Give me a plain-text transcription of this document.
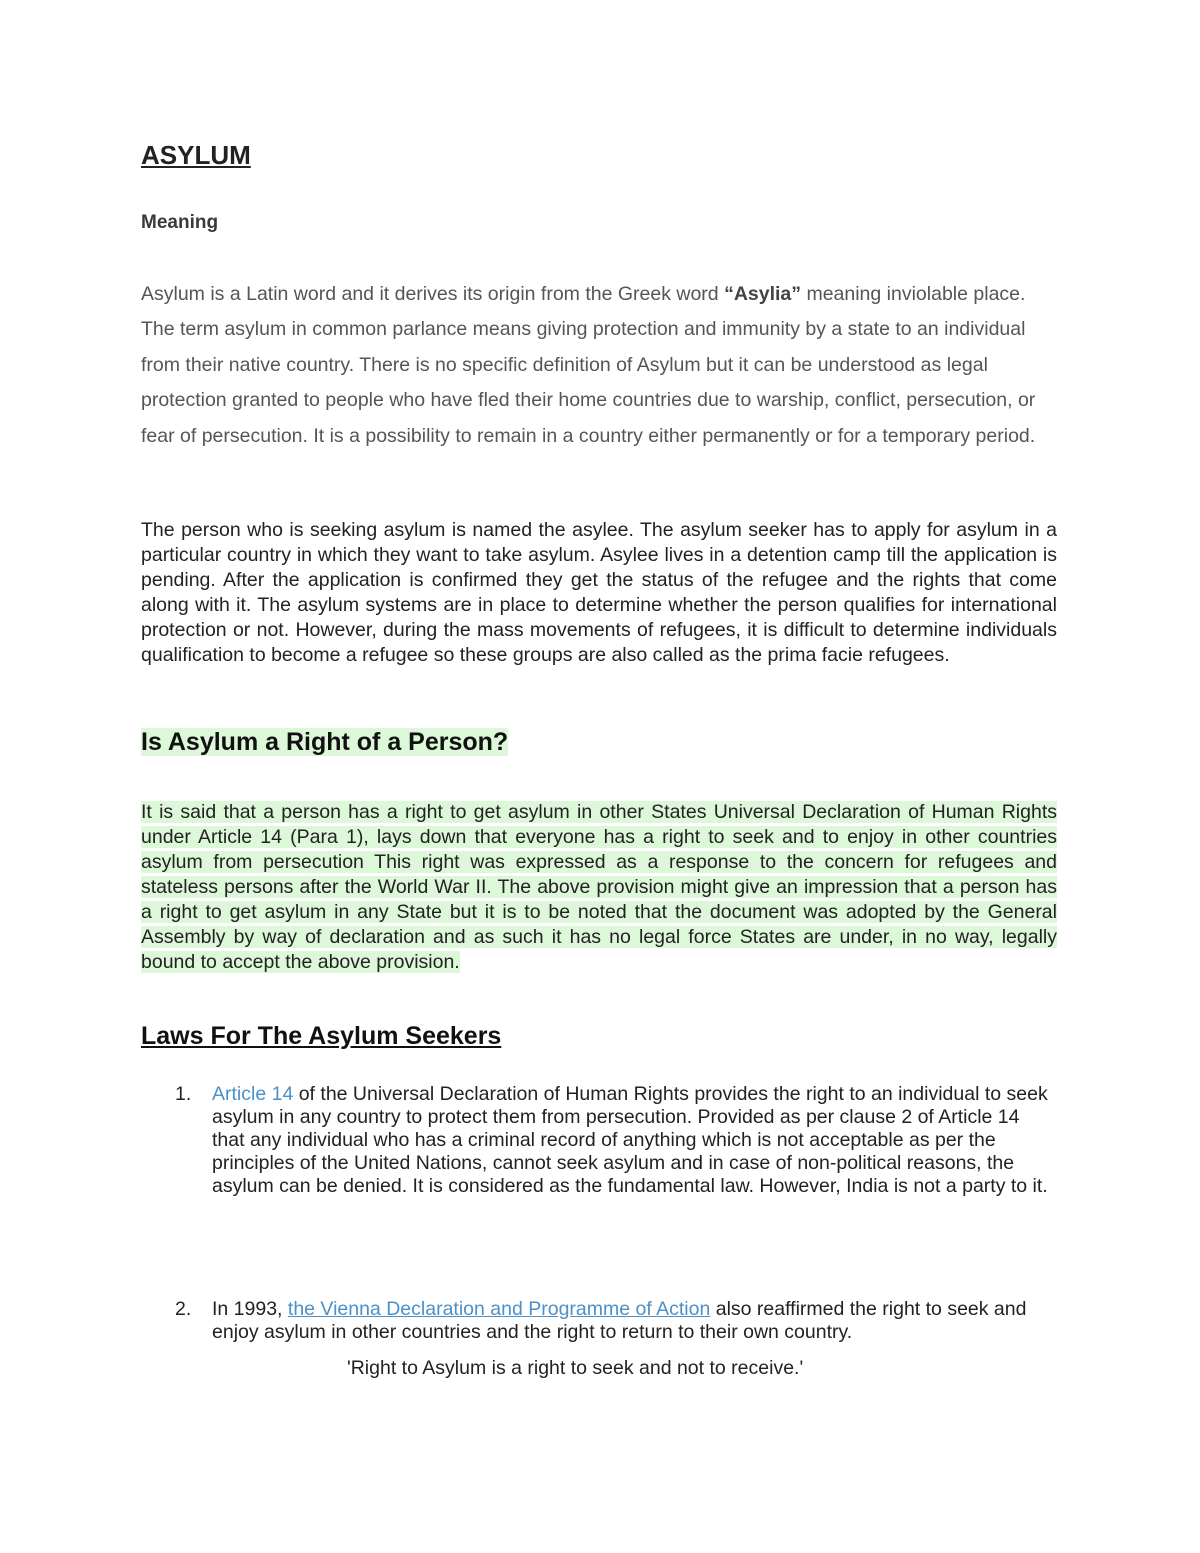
ASYLUM
Meaning

Asylum is a Latin word and it derives its origin from the Greek word “Asylia” meaning inviolable place. The term asylum in common parlance means giving protection and immunity by a state to an individual from their native country. There is no specific definition of Asylum but it can be understood as legal protection granted to people who have fled their home countries due to warship, conflict, persecution, or fear of persecution. It is a possibility to remain in a country either permanently or for a temporary period.

The person who is seeking asylum is named the asylee. The asylum seeker has to apply for asylum in a particular country in which they want to take asylum. Asylee lives in a detention camp till the application is pending. After the application is confirmed they get the status of the refugee and the rights that come along with it. The asylum systems are in place to determine whether the person qualifies for international protection or not. However, during the mass movements of refugees, it is difficult to determine individuals qualification to become a refugee so these groups are also called as the prima facie refugees.

Is Asylum a Right of a Person?

It is said that a person has a right to get asylum in other States Universal Declaration of Human Rights under Article 14 (Para 1), lays down that everyone has a right to seek and to enjoy in other countries asylum from persecution This right was expressed as a response to the concern for refugees and stateless persons after the World War II. The above provision might give an impression that a person has a right to get asylum in any State but it is to be noted that the document was adopted by the General Assembly by way of declaration and as such it has no legal force States are under, in no way, legally bound to accept the above provision.

Laws For The Asylum Seekers
1. Article 14 of the Universal Declaration of Human Rights provides the right to an individual to seek asylum in any country to protect them from persecution. Provided as per clause 2 of Article 14 that any individual who has a criminal record of anything which is not acceptable as per the principles of the United Nations, cannot seek asylum and in case of non-political reasons, the asylum can be denied. It is considered as the fundamental law. However, India is not a party to it.
2. In 1993, the Vienna Declaration and Programme of Action also reaffirmed the right to seek and enjoy asylum in other countries and the right to return to their own country.

'Right to Asylum is a right to seek and not to receive.'
